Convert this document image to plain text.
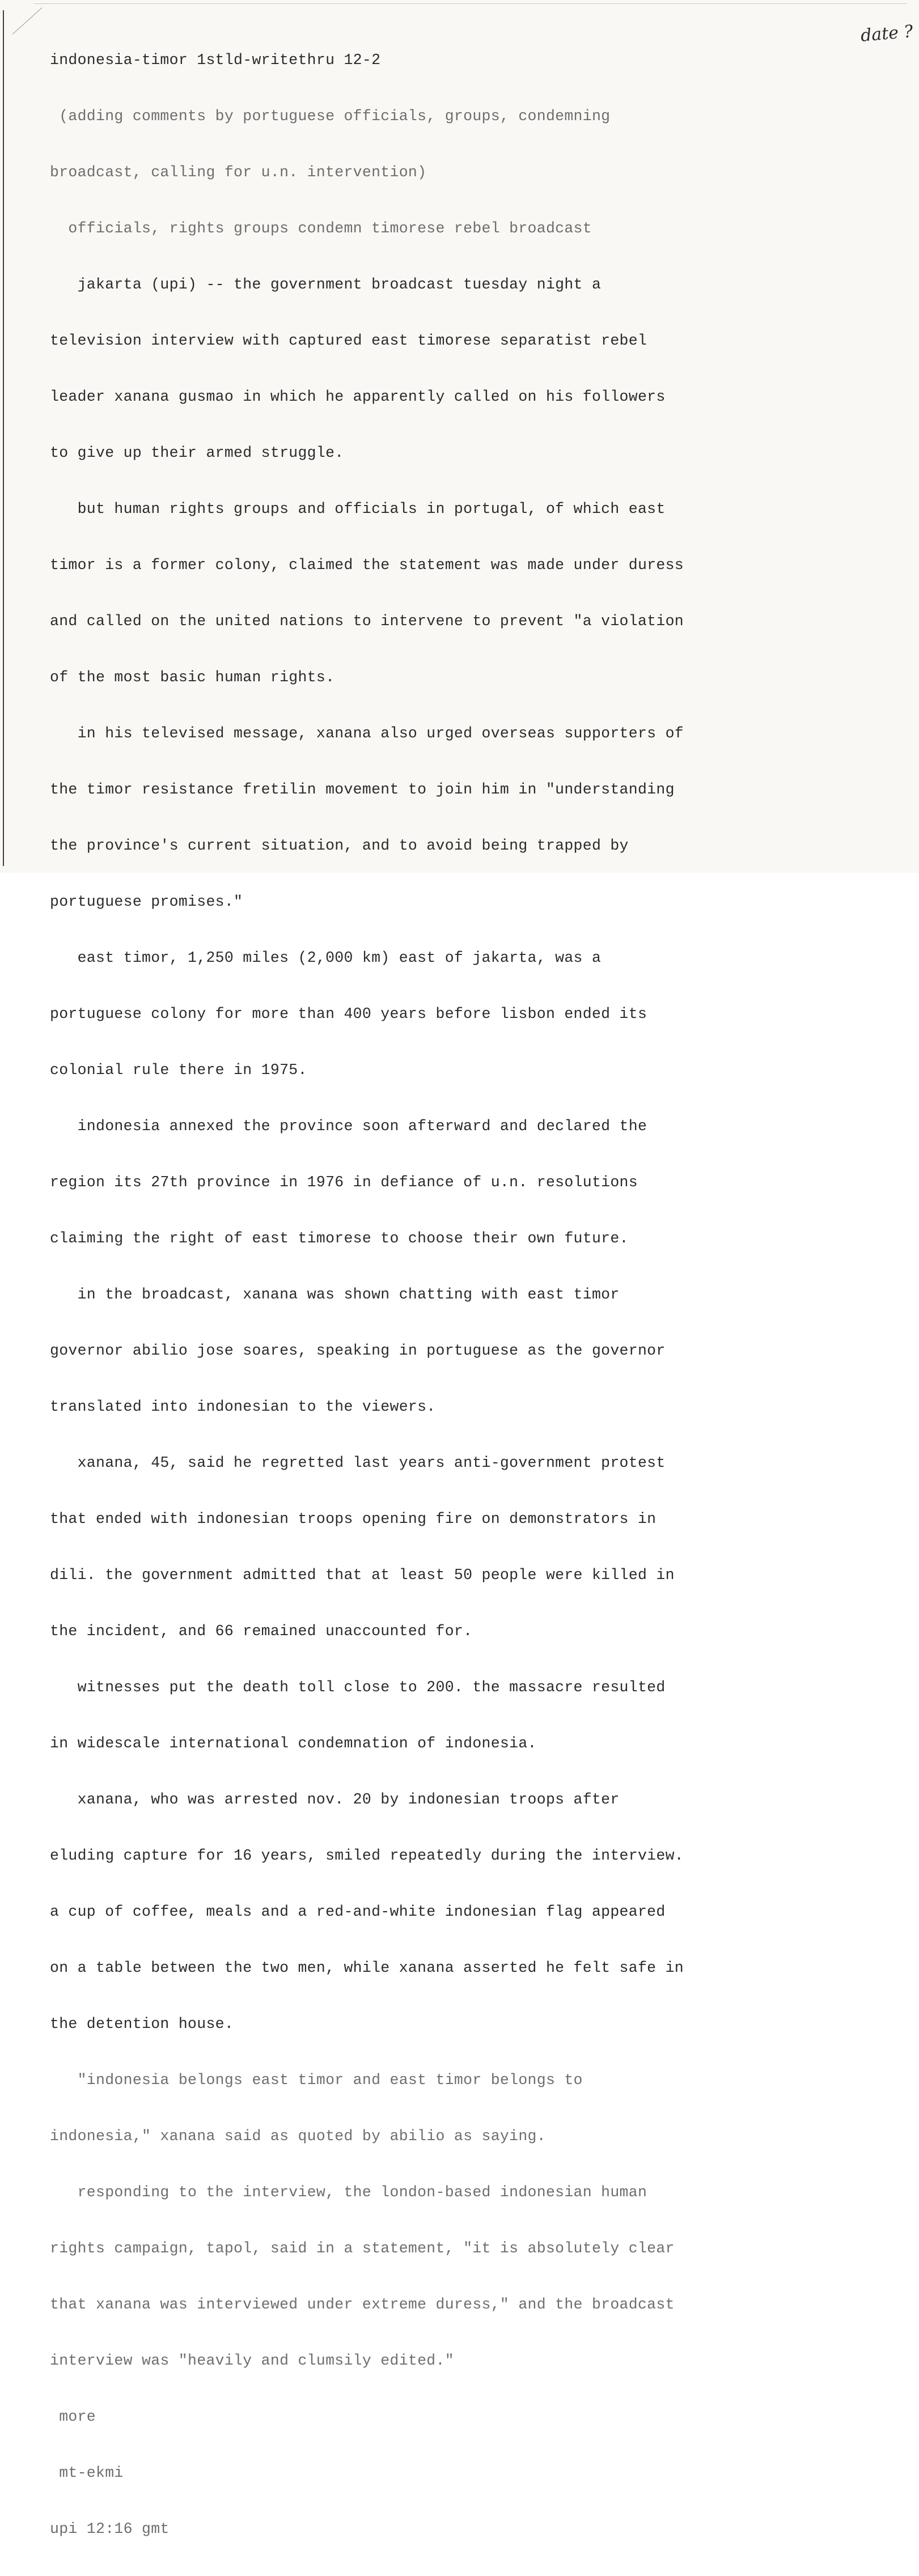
date ?

indonesia-timor 1stld-writethru 12-2

(adding comments by portuguese officials, groups, condemning

broadcast, calling for u.n. intervention)

officials, rights groups condemn timorese rebel broadcast

jakarta (upi) -- the government broadcast tuesday night a

television interview with captured east timorese separatist rebel

leader xanana gusmao in which he apparently called on his followers

to give up their armed struggle.

but human rights groups and officials in portugal, of which east

timor is a former colony, claimed the statement was made under duress

and called on the united nations to intervene to prevent "a violation

of the most basic human rights.

in his televised message, xanana also urged overseas supporters of

the timor resistance fretilin movement to join him in "understanding

the province's current situation, and to avoid being trapped by

portuguese promises."

east timor, 1,250 miles (2,000 km) east of jakarta, was a

portuguese colony for more than 400 years before lisbon ended its

colonial rule there in 1975.

indonesia annexed the province soon afterward and declared the

region its 27th province in 1976 in defiance of u.n. resolutions

claiming the right of east timorese to choose their own future.

in the broadcast, xanana was shown chatting with east timor

governor abilio jose soares, speaking in portuguese as the governor

translated into indonesian to the viewers.

xanana, 45, said he regretted last years anti-government protest

that ended with indonesian troops opening fire on demonstrators in

dili. the government admitted that at least 50 people were killed in

the incident, and 66 remained unaccounted for.

witnesses put the death toll close to 200. the massacre resulted

in widescale international condemnation of indonesia.

xanana, who was arrested nov. 20 by indonesian troops after

eluding capture for 16 years, smiled repeatedly during the interview.

a cup of coffee, meals and a red-and-white indonesian flag appeared

on a table between the two men, while xanana asserted he felt safe in

the detention house.

"indonesia belongs east timor and east timor belongs to

indonesia," xanana said as quoted by abilio as saying.

responding to the interview, the london-based indonesian human

rights campaign, tapol, said in a statement, "it is absolutely clear

that xanana was interviewed under extreme duress," and the broadcast

interview was "heavily and clumsily edited."

more

mt-ekmi

upi 12:16 gmt
